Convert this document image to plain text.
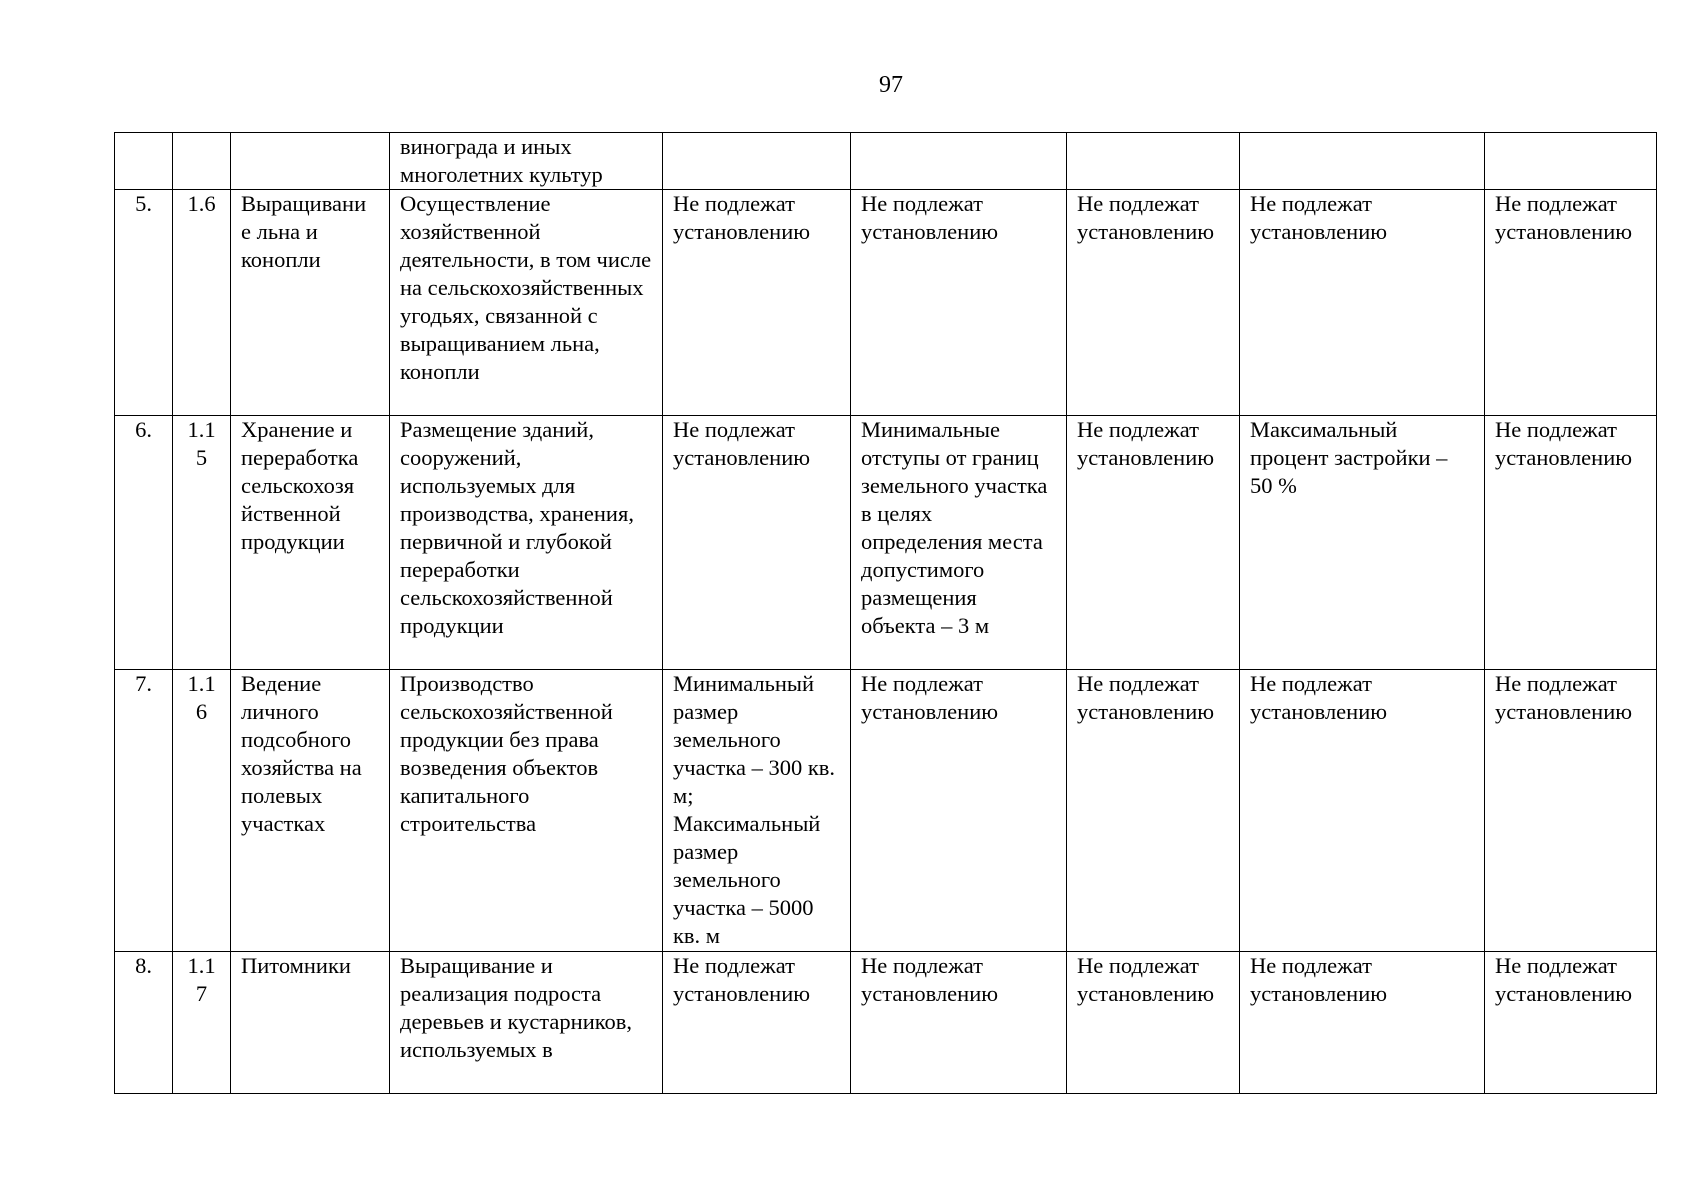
97
			винограда и иных многолетних культур					
5.	1.6	Выращивани е льна и конопли	Осуществление хозяйственной деятельности, в том числе на сельскохозяйственных угодьях, связанной с выращиванием льна, конопли	Не подлежат установлению	Не подлежат установлению	Не подлежат установлению	Не подлежат установлению	Не подлежат установлению
6.	1.1 5	Хранение и переработка сельскохозя йственной продукции	Размещение зданий, сооружений, используемых для производства, хранения, первичной и глубокой переработки сельскохозяйственной продукции	Не подлежат установлению	Минимальные отступы от границ земельного участка в целях определения места допустимого размещения объекта – 3 м	Не подлежат установлению	Максимальный процент застройки – 50 %	Не подлежат установлению
7.	1.1 6	Ведение личного подсобного хозяйства на полевых участках	Производство сельскохозяйственной продукции без права возведения объектов капитального строительства	Минимальный размер земельного участка – 300 кв. м; Максимальный размер земельного участка – 5000 кв. м	Не подлежат установлению	Не подлежат установлению	Не подлежат установлению	Не подлежат установлению
8.	1.1 7	Питомники	Выращивание и реализация подроста деревьев и кустарников, используемых в	Не подлежат установлению	Не подлежат установлению	Не подлежат установлению	Не подлежат установлению	Не подлежат установлению
